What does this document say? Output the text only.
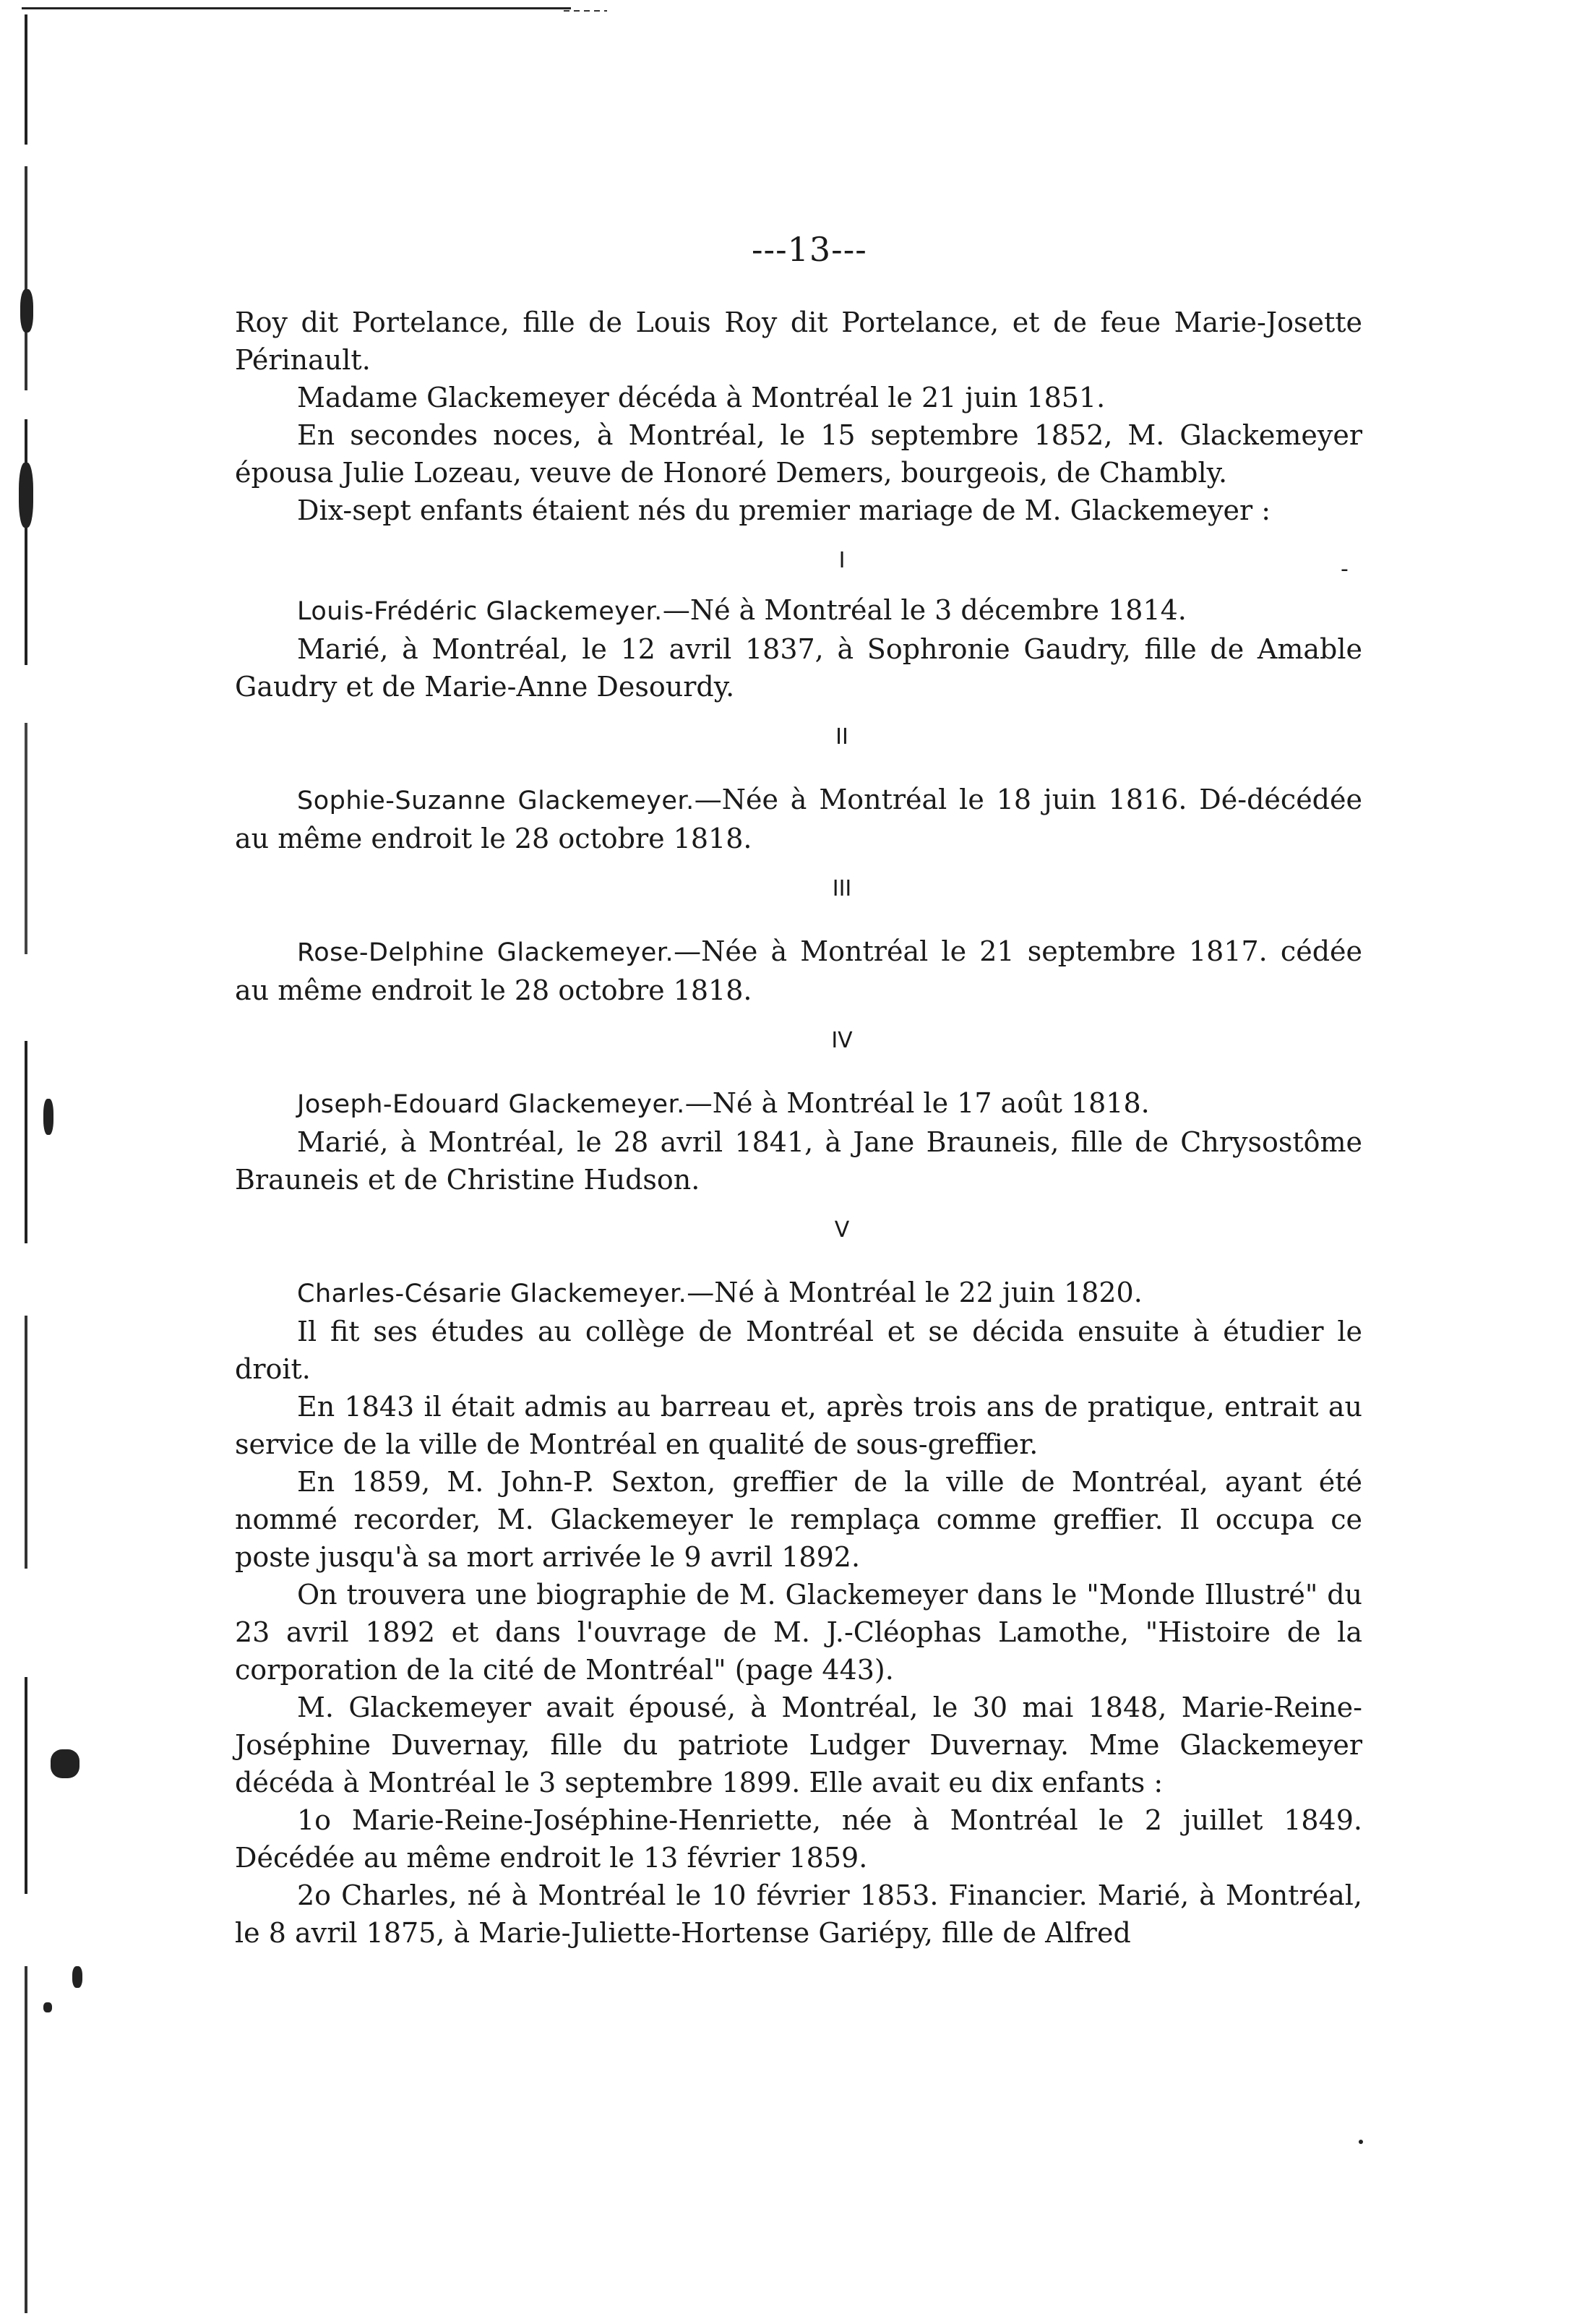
---13---
-

Roy dit Portelance, fille de Louis Roy dit Portelance, et de feue Marie-Josette Périnault.

Madame Glackemeyer décéda à Montréal le 21 juin 1851.

En secondes noces, à Montréal, le 15 septembre 1852, M. Glackemeyer épousa Julie Lozeau, veuve de Honoré Demers, bourgeois, de Chambly.

Dix-sept enfants étaient nés du premier mariage de M. Glackemeyer :

I

Louis-Frédéric Glackemeyer.—Né à Montréal le 3 décembre 1814.

Marié, à Montréal, le 12 avril 1837, à Sophronie Gaudry, fille de Amable Gaudry et de Marie-Anne Desourdy.

II

Sophie-Suzanne Glackemeyer.—Née à Montréal le 18 juin 1816. Dé-décédée au même endroit le 28 octobre 1818.

III

Rose-Delphine Glackemeyer.—Née à Montréal le 21 septembre 1817. cédée au même endroit le 28 octobre 1818.

IV

Joseph-Edouard Glackemeyer.—Né à Montréal le 17 août 1818.

Marié, à Montréal, le 28 avril 1841, à Jane Brauneis, fille de Chrysostôme Brauneis et de Christine Hudson.

V

Charles-Césarie Glackemeyer.—Né à Montréal le 22 juin 1820.

Il fit ses études au collège de Montréal et se décida ensuite à étudier le droit.

En 1843 il était admis au barreau et, après trois ans de pratique, entrait au service de la ville de Montréal en qualité de sous-greffier.

En 1859, M. John-P. Sexton, greffier de la ville de Montréal, ayant été nommé recorder, M. Glackemeyer le remplaça comme greffier. Il occupa ce poste jusqu'à sa mort arrivée le 9 avril 1892.

On trouvera une biographie de M. Glackemeyer dans le "Monde Illustré" du 23 avril 1892 et dans l'ouvrage de M. J.-Cléophas Lamothe, "Histoire de la corporation de la cité de Montréal" (page 443).

M. Glackemeyer avait épousé, à Montréal, le 30 mai 1848, Marie-Reine-Joséphine Duvernay, fille du patriote Ludger Duvernay. Mme Glackemeyer décéda à Montréal le 3 septembre 1899. Elle avait eu dix enfants :

1o Marie-Reine-Joséphine-Henriette, née à Montréal le 2 juillet 1849. Décédée au même endroit le 13 février 1859.

2o Charles, né à Montréal le 10 février 1853. Financier. Marié, à Montréal, le 8 avril 1875, à Marie-Juliette-Hortense Gariépy, fille de Alfred
